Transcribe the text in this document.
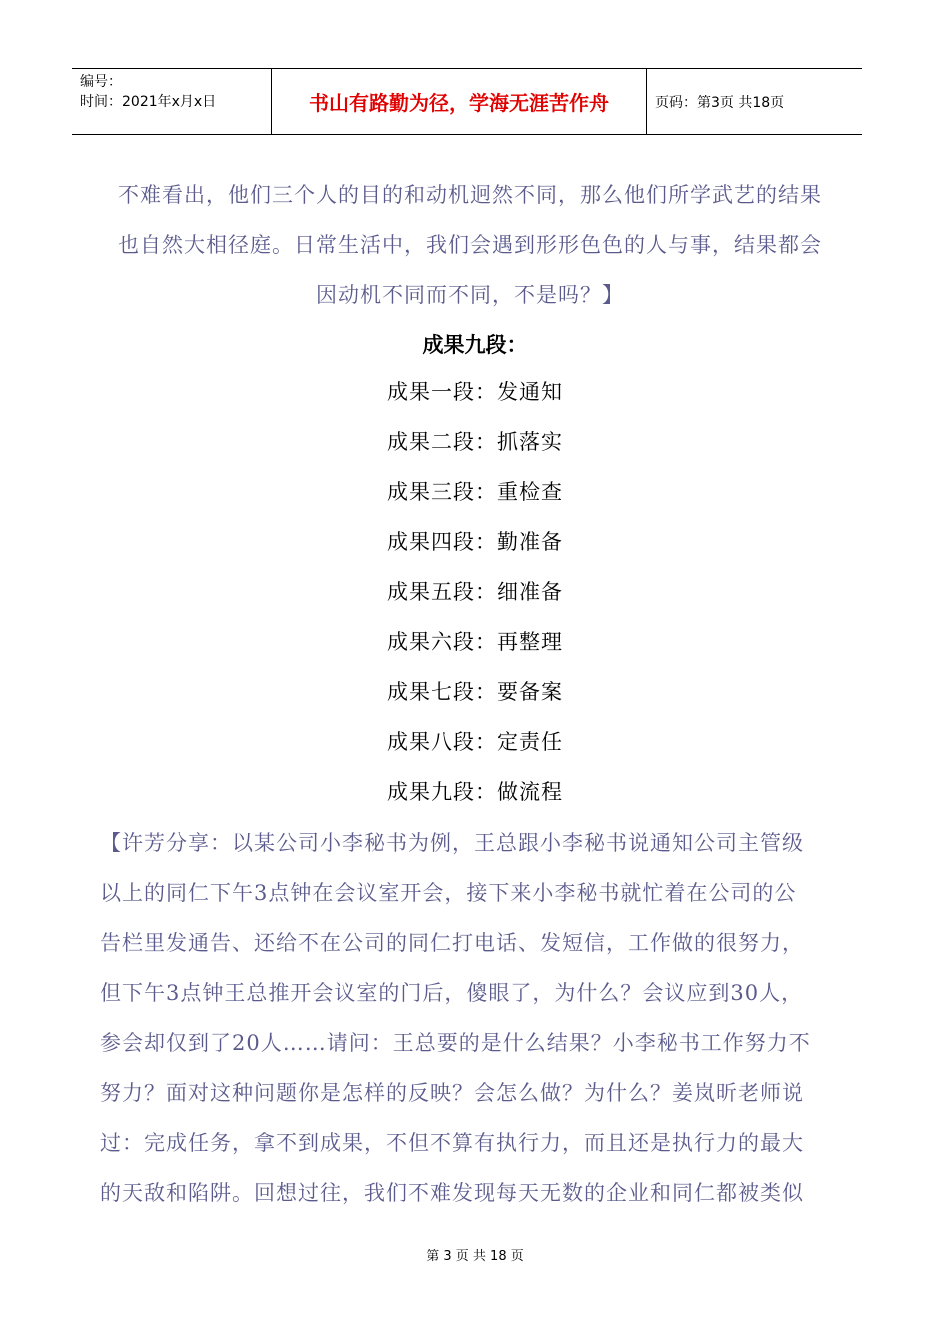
编号：
时间：2021年x月x日	书山有路勤为径，学海无涯苦作舟	页码：第3页 共18页
不难看出，他们三个人的目的和动机迥然不同，那么他们所学武艺的结果
也自然大相径庭。日常生活中，我们会遇到形形色色的人与事，结果都会
因动机不同而不同，不是吗？】
成果九段：
成果一段：发通知
成果二段：抓落实
成果三段：重检查
成果四段：勤准备
成果五段：细准备
成果六段：再整理
成果七段：要备案
成果八段：定责任
成果九段：做流程
【许芳分享：以某公司小李秘书为例，王总跟小李秘书说通知公司主管级
以上的同仁下午3点钟在会议室开会，接下来小李秘书就忙着在公司的公
告栏里发通告、还给不在公司的同仁打电话、发短信，工作做的很努力，
但下午3点钟王总推开会议室的门后，傻眼了，为什么？会议应到30人，
参会却仅到了20人……请问：王总要的是什么结果？小李秘书工作努力不
努力？面对这种问题你是怎样的反映？会怎么做？为什么？姜岚昕老师说
过：完成任务，拿不到成果，不但不算有执行力，而且还是执行力的最大
的天敌和陷阱。回想过往，我们不难发现每天无数的企业和同仁都被类似
第 3 页 共 18 页
